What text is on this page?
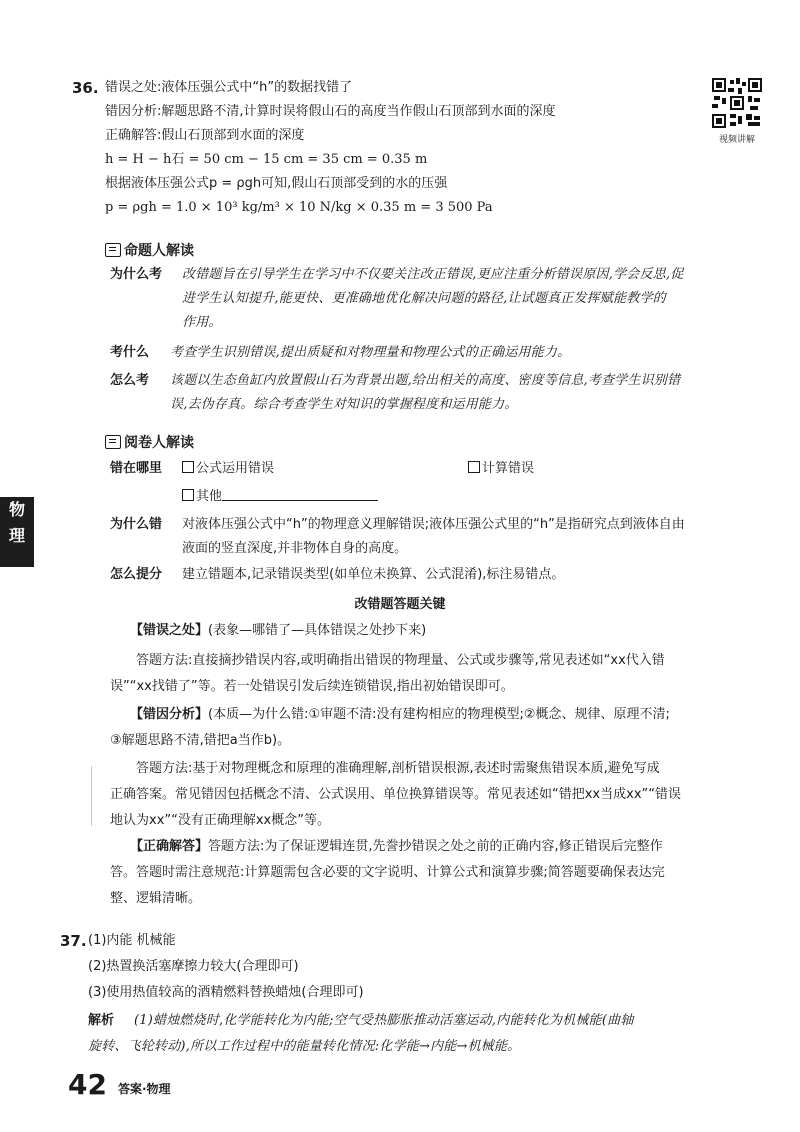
物
理
视频讲解
36. 错误之处:液体压强公式中“h”的数据找错了
错因分析:解题思路不清,计算时误将假山石的高度当作假山石顶部到水面的深度
正确解答:假山石顶部到水面的深度
h = H − h石 = 50 cm − 15 cm = 35 cm = 0.35 m
根据液体压强公式p = ρgh可知,假山石顶部受到的水的压强
p = ρgh = 1.0 × 10³ kg/m³ × 10 N/kg × 0.35 m = 3 500 Pa
命题人解读
为什么考 改错题旨在引导学生在学习中不仅要关注改正错误,更应注重分析错误原因,学会反思,促
进学生认知提升,能更快、更准确地优化解决问题的路径,让试题真正发挥赋能教学的
作用。
考什么 考查学生识别错误,提出质疑和对物理量和物理公式的正确运用能力。
怎么考 该题以生态鱼缸内放置假山石为背景出题,给出相关的高度、密度等信息,考查学生识别错
误,去伪存真。综合考查学生对知识的掌握程度和运用能力。
阅卷人解读
错在哪里	公式运用错误	计算错误
其他
为什么错 对液体压强公式中“h”的物理意义理解错误;液体压强公式里的“h”是指研究点到液体自由
液面的竖直深度,并非物体自身的高度。
怎么提分 建立错题本,记录错误类型(如单位未换算、公式混淆),标注易错点。
改错题答题关键
【错误之处】(表象—哪错了—具体错误之处抄下来)
答题方法:直接摘抄错误内容,或明确指出错误的物理量、公式或步骤等,常见表述如“xx代入错
误”“xx找错了”等。若一处错误引发后续连锁错误,指出初始错误即可。
【错因分析】(本质—为什么错:①审题不清:没有建构相应的物理模型;②概念、规律、原理不清;
③解题思路不清,错把a当作b)。
答题方法:基于对物理概念和原理的准确理解,剖析错误根源,表述时需聚焦错误本质,避免写成
正确答案。常见错因包括概念不清、公式误用、单位换算错误等。常见表述如“错把xx当成xx”“错误
地认为xx”“没有正确理解xx概念”等。
【正确解答】答题方法:为了保证逻辑连贯,先誊抄错误之处之前的正确内容,修正错误后完整作
答。答题时需注意规范:计算题需包含必要的文字说明、计算公式和演算步骤;简答题要确保表达完
整、逻辑清晰。
37. (1)内能 机械能
(2)热置换活塞摩擦力较大(合理即可)
(3)使用热值较高的酒精燃料替换蜡烛(合理即可)
解析 (1)蜡烛燃烧时,化学能转化为内能;空气受热膨胀推动活塞运动,内能转化为机械能(曲轴
旋转、飞轮转动),所以工作过程中的能量转化情况:化学能→内能→机械能。
42 答案·物理
